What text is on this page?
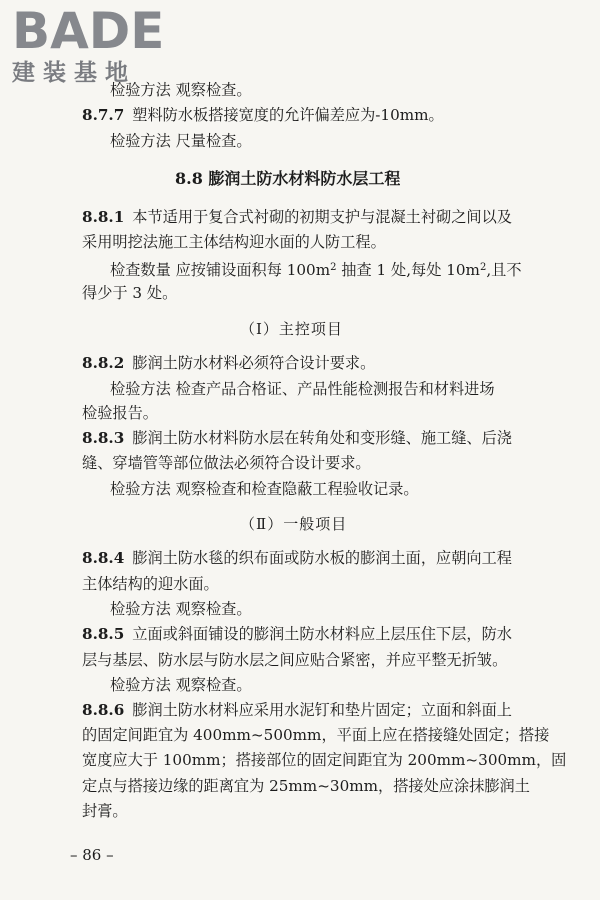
BADE
建装基地
检验方法 观察检查。
8.7.7 塑料防水板搭接宽度的允许偏差应为-10mm。
检验方法 尺量检查。
8.8 膨润土防水材料防水层工程
8.8.1 本节适用于复合式衬砌的初期支护与混凝土衬砌之间以及
采用明挖法施工主体结构迎水面的人防工程。
检查数量 应按铺设面积每 $100m^2$ 抽查 1 处,每处 $10m^2$,且不
得少于 3 处。
（Ⅰ）主控项目
8.8.2 膨润土防水材料必须符合设计要求。
检验方法 检查产品合格证、产品性能检测报告和材料进场
检验报告。
8.8.3 膨润土防水材料防水层在转角处和变形缝、施工缝、后浇
缝、穿墙管等部位做法必须符合设计要求。
检验方法 观察检查和检查隐蔽工程验收记录。
（Ⅱ）一般项目
8.8.4 膨润土防水毯的织布面或防水板的膨润土面，应朝向工程
主体结构的迎水面。
检验方法 观察检查。
8.8.5 立面或斜面铺设的膨润土防水材料应上层压住下层，防水
层与基层、防水层与防水层之间应贴合紧密，并应平整无折皱。
检验方法 观察检查。
8.8.6 膨润土防水材料应采用水泥钉和垫片固定；立面和斜面上
的固定间距宜为 400mm~500mm，平面上应在搭接缝处固定；搭接
宽度应大于 100mm；搭接部位的固定间距宜为 200mm~300mm，固
定点与搭接边缘的距离宜为 25mm~30mm，搭接处应涂抹膨润土
封膏。
– 86 –
